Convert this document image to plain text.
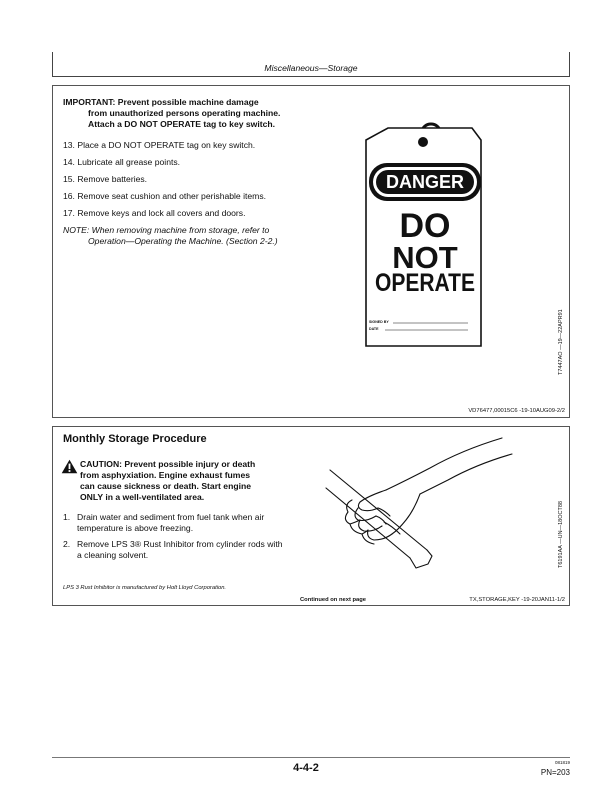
Miscellaneous—Storage
IMPORTANT: Prevent possible machine damage
from unauthorized persons operating machine.
Attach a DO NOT OPERATE tag to key switch.
13. Place a DO NOT OPERATE tag on key switch.
14. Lubricate all grease points.
15. Remove batteries.
16. Remove seat cushion and other perishable items.
17. Remove keys and lock all covers and doors.
NOTE: When removing machine from storage, refer to
Operation—Operating the Machine. (Section 2-2.)
DANGER
DO
NOT
OPERATE
SIGNED BY
DATE	T7447AO —19—22APR91
VD76477,00015C6 -19-10AUG09-2/2
Monthly Storage Procedure
CAUTION: Prevent possible injury or death
from asphyxiation. Engine exhaust fumes
can cause sickness or death. Start engine
ONLY in a well-ventilated area.
1. Drain water and sediment from fuel tank when air
temperature is above freezing.
2. Remove LPS 3® Rust Inhibitor from cylinder rods with
a cleaning solvent.
LPS 3 Rust Inhibitor is manufactured by Holt Lloyd Corporation.
Continued on next page	TX,STORAGE,KEY -19-20JAN11-1/2
T6191AA —UN—18OCT88
4-4-2	081819
PN=203
